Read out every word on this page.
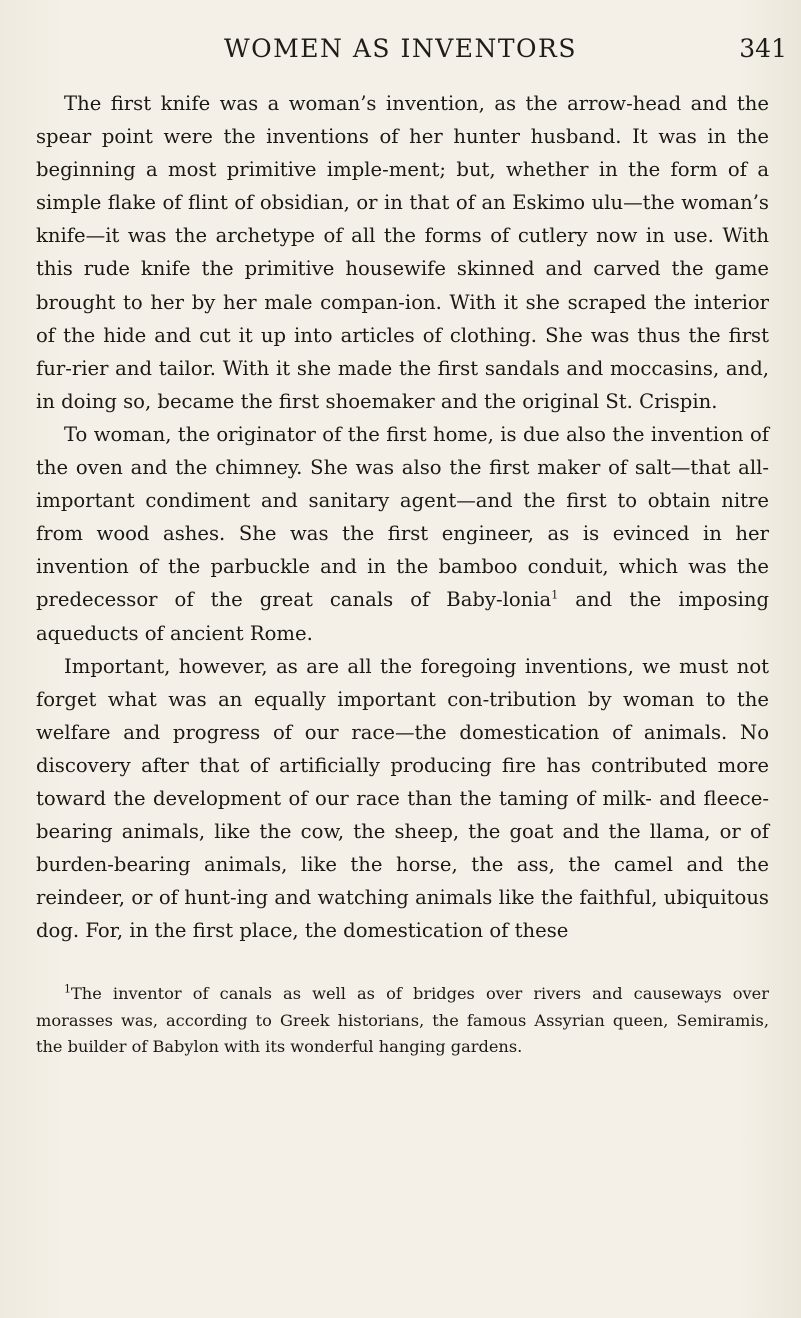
WOMEN AS INVENTORS	341

The first knife was a woman’s invention, as the arrow-head and the spear point were the inventions of her hunter husband. It was in the beginning a most primitive imple-ment; but, whether in the form of a simple flake of flint of obsidian, or in that of an Eskimo ulu—the woman’s knife—it was the archetype of all the forms of cutlery now in use. With this rude knife the primitive housewife skinned and carved the game brought to her by her male compan-ion. With it she scraped the interior of the hide and cut it up into articles of clothing. She was thus the first fur-rier and tailor. With it she made the first sandals and moccasins, and, in doing so, became the first shoemaker and the original St. Crispin.

To woman, the originator of the first home, is due also the invention of the oven and the chimney. She was also the first maker of salt—that all-important condiment and sanitary agent—and the first to obtain nitre from wood ashes. She was the first engineer, as is evinced in her invention of the parbuckle and in the bamboo conduit, which was the predecessor of the great canals of Baby-lonia$^1$ and the imposing aqueducts of ancient Rome.

Important, however, as are all the foregoing inventions, we must not forget what was an equally important con-tribution by woman to the welfare and progress of our race—the domestication of animals. No discovery after that of artificially producing fire has contributed more toward the development of our race than the taming of milk- and fleece-bearing animals, like the cow, the sheep, the goat and the llama, or of burden-bearing animals, like the horse, the ass, the camel and the reindeer, or of hunt-ing and watching animals like the faithful, ubiquitous dog. For, in the first place, the domestication of these

$^1$The inventor of canals as well as of bridges over rivers and causeways over morasses was, according to Greek historians, the famous Assyrian queen, Semiramis, the builder of Babylon with its wonderful hanging gardens.
